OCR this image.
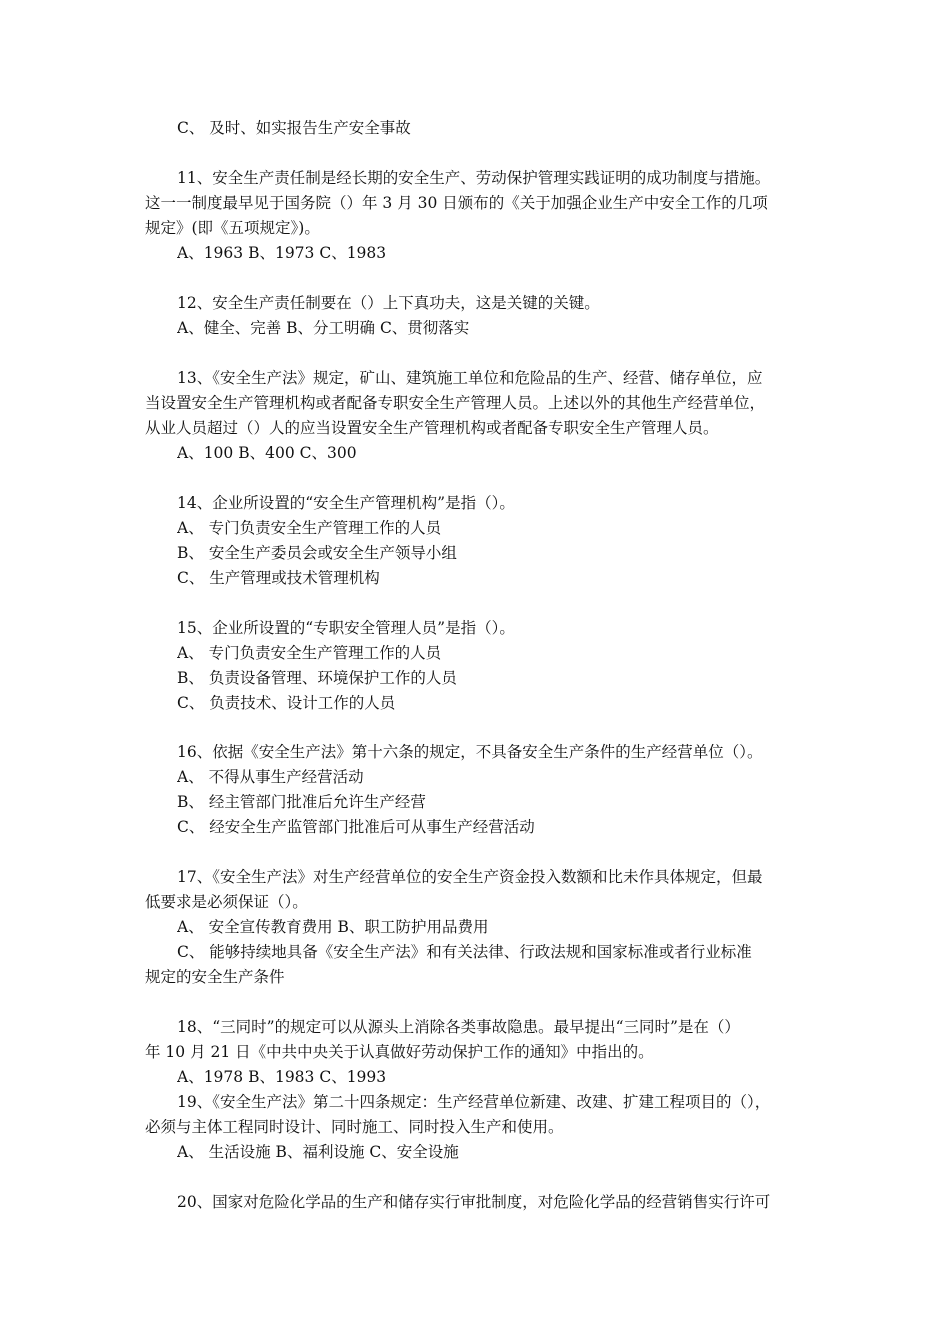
C、 及时、如实报告生产安全事故
11、安全生产责任制是经长期的安全生产、劳动保护管理实践证明的成功制度与措施。
这一一制度最早见于国务院（）年 3 月 30 日颁布的《关于加强企业生产中安全工作的几项
规定》(即《五项规定》)。
A、1963 B、1973 C、1983
12、安全生产责任制要在（）上下真功夫，这是关键的关键。
A、健全、完善 B、分工明确 C、贯彻落实
13、《安全生产法》规定，矿山、建筑施工单位和危险品的生产、经营、储存单位，应
当设置安全生产管理机构或者配备专职安全生产管理人员。上述以外的其他生产经营单位，
从业人员超过（）人的应当设置安全生产管理机构或者配备专职安全生产管理人员。
A、100 B、400 C、300
14、企业所设置的“安全生产管理机构”是指（）。
A、 专门负责安全生产管理工作的人员
B、 安全生产委员会或安全生产领导小组
C、 生产管理或技术管理机构
15、企业所设置的“专职安全管理人员”是指（）。
A、 专门负责安全生产管理工作的人员
B、 负责设备管理、环境保护工作的人员
C、 负责技术、设计工作的人员
16、依据《安全生产法》第十六条的规定，不具备安全生产条件的生产经营单位（）。
A、 不得从事生产经营活动
B、 经主管部门批准后允许生产经营
C、 经安全生产监管部门批准后可从事生产经营活动
17、《安全生产法》对生产经营单位的安全生产资金投入数额和比未作具体规定，但最
低要求是必须保证（）。
A、 安全宣传教育费用 B、职工防护用品费用
C、 能够持续地具备《安全生产法》和有关法律、行政法规和国家标准或者行业标准
规定的安全生产条件
18、“三同时”的规定可以从源头上消除各类事故隐患。最早提出“三同时”是在（）
年 10 月 21 日《中共中央关于认真做好劳动保护工作的通知》中指出的。
A、1978 B、1983 C、1993
19、《安全生产法》第二十四条规定：生产经营单位新建、改建、扩建工程项目的（），
必须与主体工程同时设计、同时施工、同时投入生产和使用。
A、 生活设施 B、福利设施 C、安全设施
20、国家对危险化学品的生产和储存实行审批制度，对危险化学品的经营销售实行许可
